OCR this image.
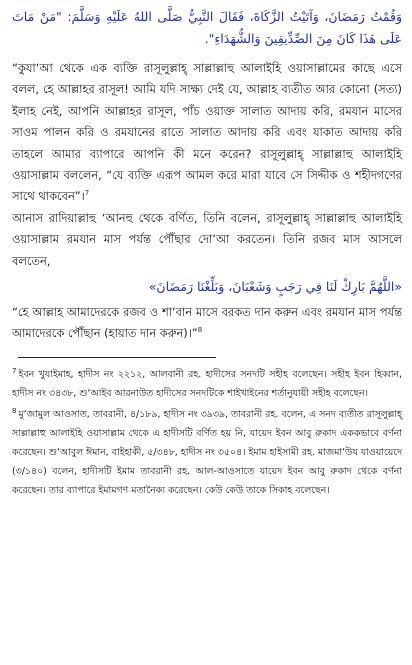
وَقُمْتُ رَمَضَانَ، وَآتَيْتُ الزَّكَاةَ، فَقَالَ النَّبِيُّ صَلَّى اللهُ عَلَيْهِ وَسَلَّمَ: "مَنْ مَاتَ عَلَى هَذَا كَانَ مِنَ الصِّدِّيقِينَ وَالشُّهَدَاءِ".

“কুযা‘আ থেকে এক ব্যক্তি রাসূলুল্লাহ্ সাল্লাল্লাহু আলাইহি ওয়াসাল্লামের কাছে এসে বলল, হে আল্লাহর রাসূল! আমি যদি সাক্ষ্য দেই যে, আল্লাহ ব্যতীত আর কোনো (সত্য) ইলাহ নেই, আপনি আল্লাহর রাসূল, পাঁচ ওয়াক্ত সালাত আদায় করি, রমযান মাসের সাওম পালন করি ও রমযানের রাতে সালাত আদায় করি এবং যাকাত আদায় করি তাহলে আমার ব্যাপারে আপনি কী মনে করেন? রাসূলুল্লাহ্ সাল্লাল্লাহু আলাইহি ওয়াসাল্লাম বললেন, “যে ব্যক্তি এরূপ আমল করে মারা যাবে সে সিদ্দীক ও শহীদগণের সাথে থাকবেন”।$^7$

আনাস রাদিয়াল্লাহু ‘আনহু থেকে বর্ণিত, তিনি বলেন, রাসূলুল্লাহ্ সাল্লাল্লাহু আলাইহি ওয়াসাল্লাম রমযান মাস পর্যন্ত পৌঁছার দো‘আ করতেন। তিনি রজব মাস আসলে বলতেন,

«اللَّهُمَّ بَارِكْ لَنَا فِي رَجَبٍ وَشَعْبَانَ، وَبَلِّغْنَا رَمَضَانَ»

“হে আল্লাহ আমাদেরকে রজব ও শা‘বান মাসে বরকত দান করুন এবং রমযান মাস পর্যন্ত আমাদেরকে পৌঁছান (হায়াত দান করুন)।”$^8$

$^7$ ইবন খুযাইমাহ, হাদীস নং ২২১২, আলবানী রহ. হাদীসের সনদটি সহীহ বলেছেন। সহীহ ইবন হিব্বান, হাদীস নং ৩৪৩৮, শু‘আইব আরনাউত হাদীসের সনদটিকে শাইখাইনের শর্তানুযায়ী সহীহ বলেছেন।

$^8$ মু‘জামুল আওসাত, তাবরানী, ৪/১৮৯, হাদীস নং ৩৯৩৯, তাবরানী রহ. বলেন, এ সনদ ব্যতীত রাসূলুল্লাহ্ সাল্লাল্লাহু আলাইহি ওয়াসাল্লাম থেকে এ হাদীসটি বর্ণিত হয় নি, যায়েদ ইবন আবু রুকাদ এককভাবে বর্ণনা করেছেন। শু‘আবুল ঈমান, বাইহাকী, ৫/৩৪৮, হাদীস নং ৩৫০৪। ইমাম হাইসামী রহ. মাজমা‘উয যাওয়ায়েদে (৩/১৪০) বলেন, হাদীসটি ইমাম তাবরানী রহ. আল-আওসাতে যায়েদ ইবন আবু রুকাদ থেকে বর্ণনা করেছেন। তার ব্যাপারে ইমামগণ মতানৈক্য করেছেন। কেউ কেউ তাকে সিকাহ বলেছেন।
